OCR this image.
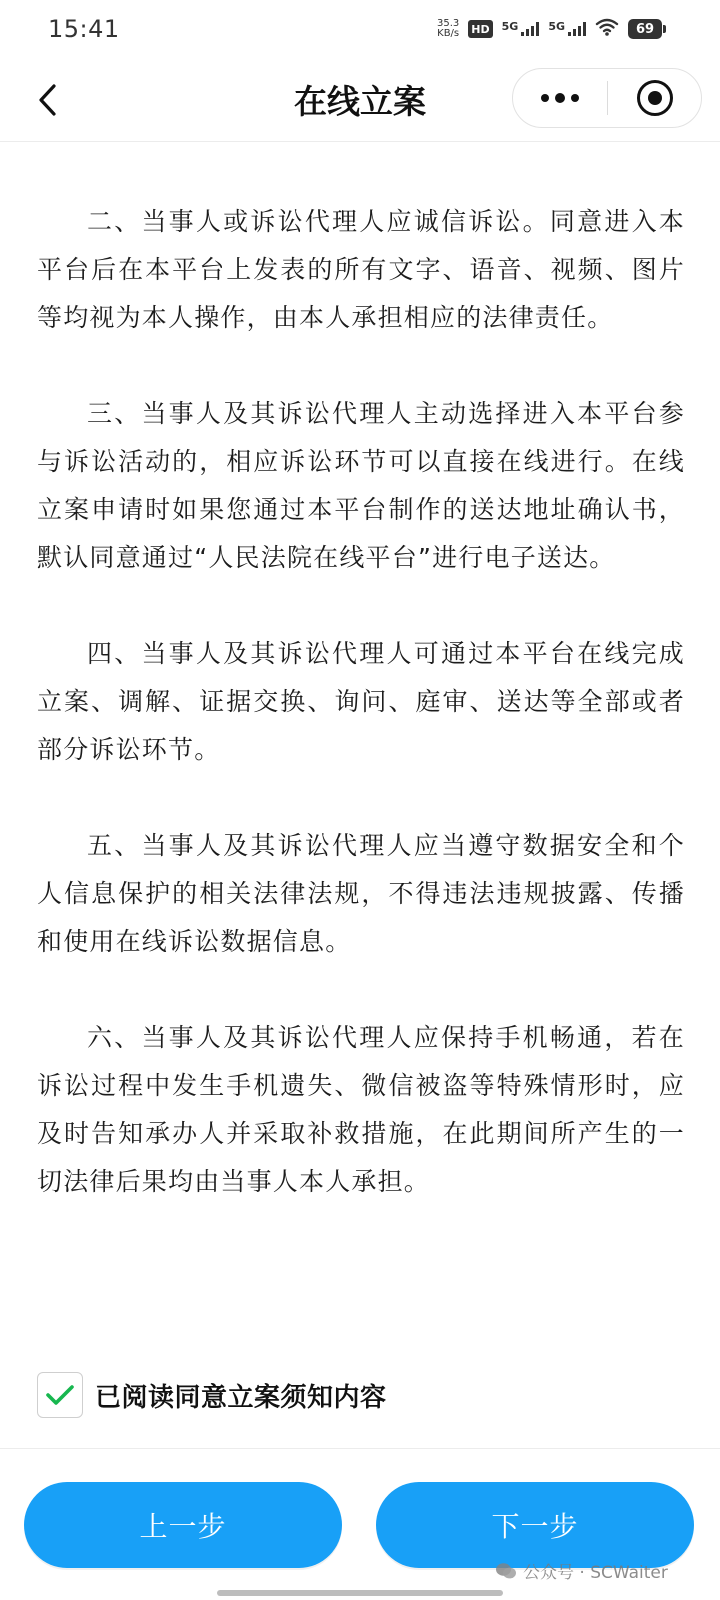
15:41	35.3
KB/s HD 5G	5G	69
在线立案

二、当事人或诉讼代理人应诚信诉讼。同意进入本平台后在本平台上发表的所有文字、语音、视频、图片等均视为本人操作，由本人承担相应的法律责任。

三、当事人及其诉讼代理人主动选择进入本平台参与诉讼活动的，相应诉讼环节可以直接在线进行。在线立案申请时如果您通过本平台制作的送达地址确认书，默认同意通过“人民法院在线平台”进行电子送达。

四、当事人及其诉讼代理人可通过本平台在线完成立案、调解、证据交换、询问、庭审、送达等全部或者部分诉讼环节。

五、当事人及其诉讼代理人应当遵守数据安全和个人信息保护的相关法律法规，不得违法违规披露、传播和使用在线诉讼数据信息。

六、当事人及其诉讼代理人应保持手机畅通，若在诉讼过程中发生手机遗失、微信被盗等特殊情形时，应及时告知承办人并采取补救措施，在此期间所产生的一切法律后果均由当事人本人承担。

已阅读同意立案须知内容
上一步	下一步
公众号 · SCWaiter
